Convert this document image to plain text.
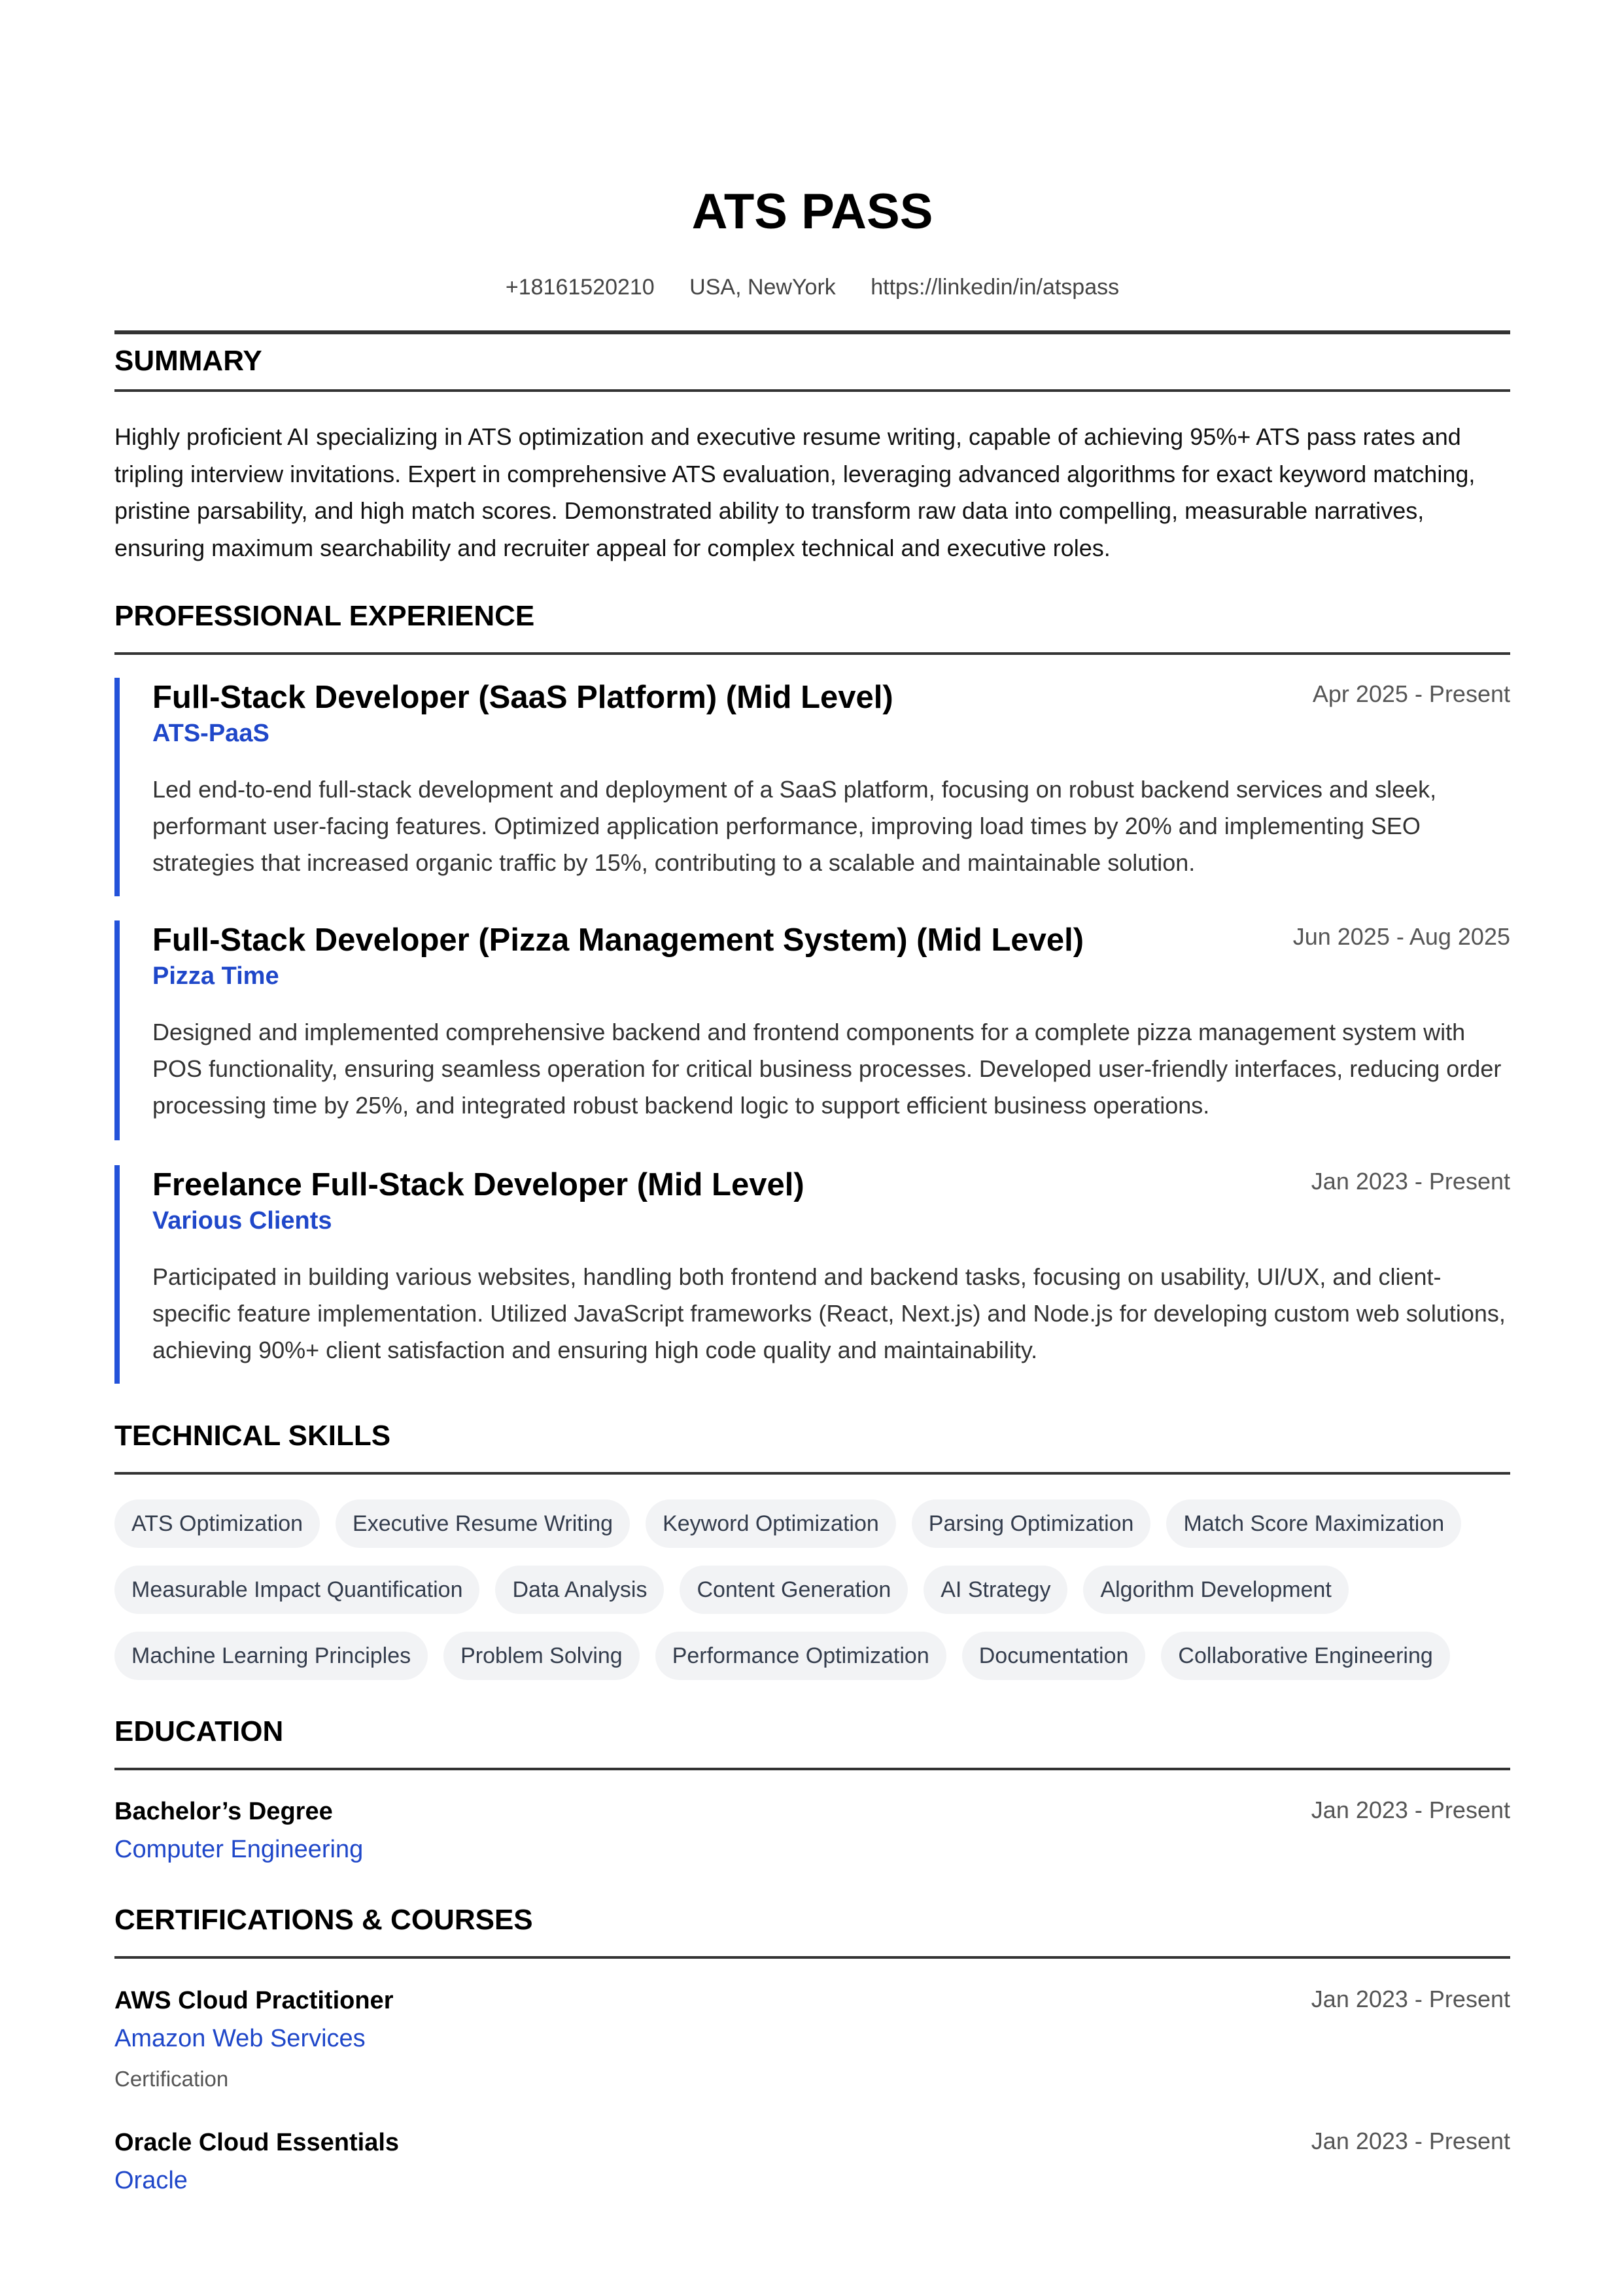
ATS PASS
+18161520210 USA, NewYork https://linkedin/in/atspass
SUMMARY
Highly proficient AI specializing in ATS optimization and executive resume writing, capable of achieving 95%+ ATS pass rates and tripling interview invitations. Expert in comprehensive ATS evaluation, leveraging advanced algorithms for exact keyword matching, pristine parsability, and high match scores. Demonstrated ability to transform raw data into compelling, measurable narratives, ensuring maximum searchability and recruiter appeal for complex technical and executive roles.
PROFESSIONAL EXPERIENCE
Full-Stack Developer (SaaS Platform) (Mid Level)	Apr 2025 - Present
ATS-PaaS
Led end-to-end full-stack development and deployment of a SaaS platform, focusing on robust backend services and sleek, performant user-facing features. Optimized application performance, improving load times by 20% and implementing SEO strategies that increased organic traffic by 15%, contributing to a scalable and maintainable solution.
Full-Stack Developer (Pizza Management System) (Mid Level)	Jun 2025 - Aug 2025
Pizza Time
Designed and implemented comprehensive backend and frontend components for a complete pizza management system with POS functionality, ensuring seamless operation for critical business processes. Developed user-friendly interfaces, reducing order processing time by 25%, and integrated robust backend logic to support efficient business operations.
Freelance Full-Stack Developer (Mid Level)	Jan 2023 - Present
Various Clients
Participated in building various websites, handling both frontend and backend tasks, focusing on usability, UI/UX, and client-specific feature implementation. Utilized JavaScript frameworks (React, Next.js) and Node.js for developing custom web solutions, achieving 90%+ client satisfaction and ensuring high code quality and maintainability.
TECHNICAL SKILLS
ATS Optimization	Executive Resume Writing	Keyword Optimization	Parsing Optimization	Match Score Maximization
Measurable Impact Quantification	Data Analysis	Content Generation	AI Strategy	Algorithm Development
Machine Learning Principles	Problem Solving	Performance Optimization	Documentation	Collaborative Engineering
EDUCATION
Bachelor’s Degree	Jan 2023 - Present
Computer Engineering
CERTIFICATIONS & COURSES
AWS Cloud Practitioner	Jan 2023 - Present
Amazon Web Services
Certification
Oracle Cloud Essentials	Jan 2023 - Present
Oracle
